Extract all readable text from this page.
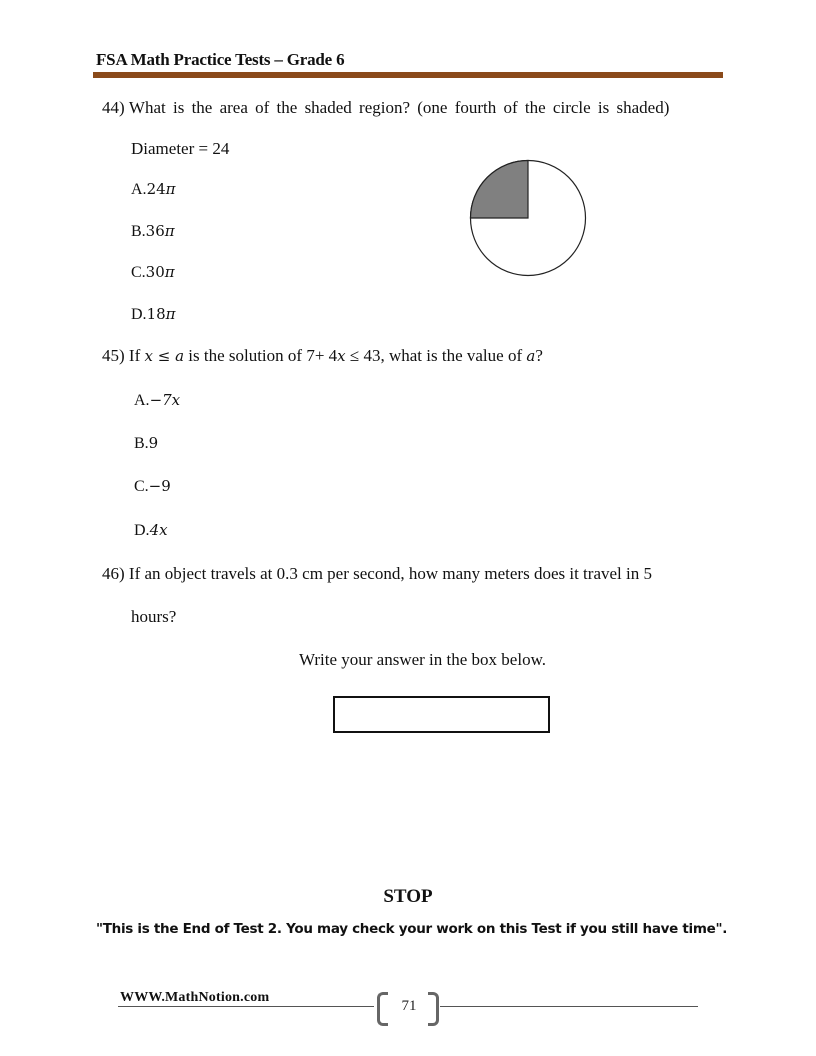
FSA Math Practice Tests – Grade 6
44) What is the area of the shaded region? (one fourth of the circle is shaded)
Diameter = 24
A.24π
B.36π
C.30π
D.18π
45) If x ≤ a is the solution of 7+ 4x ≤ 43, what is the value of a?
A.−7x
B.9
C.−9
D.4x
46) If an object travels at 0.3 cm per second, how many meters does it travel in 5
hours?
Write your answer in the box below.
STOP
"This is the End of Test 2. You may check your work on this Test if you still have time".
WWW.MathNotion.com
71
